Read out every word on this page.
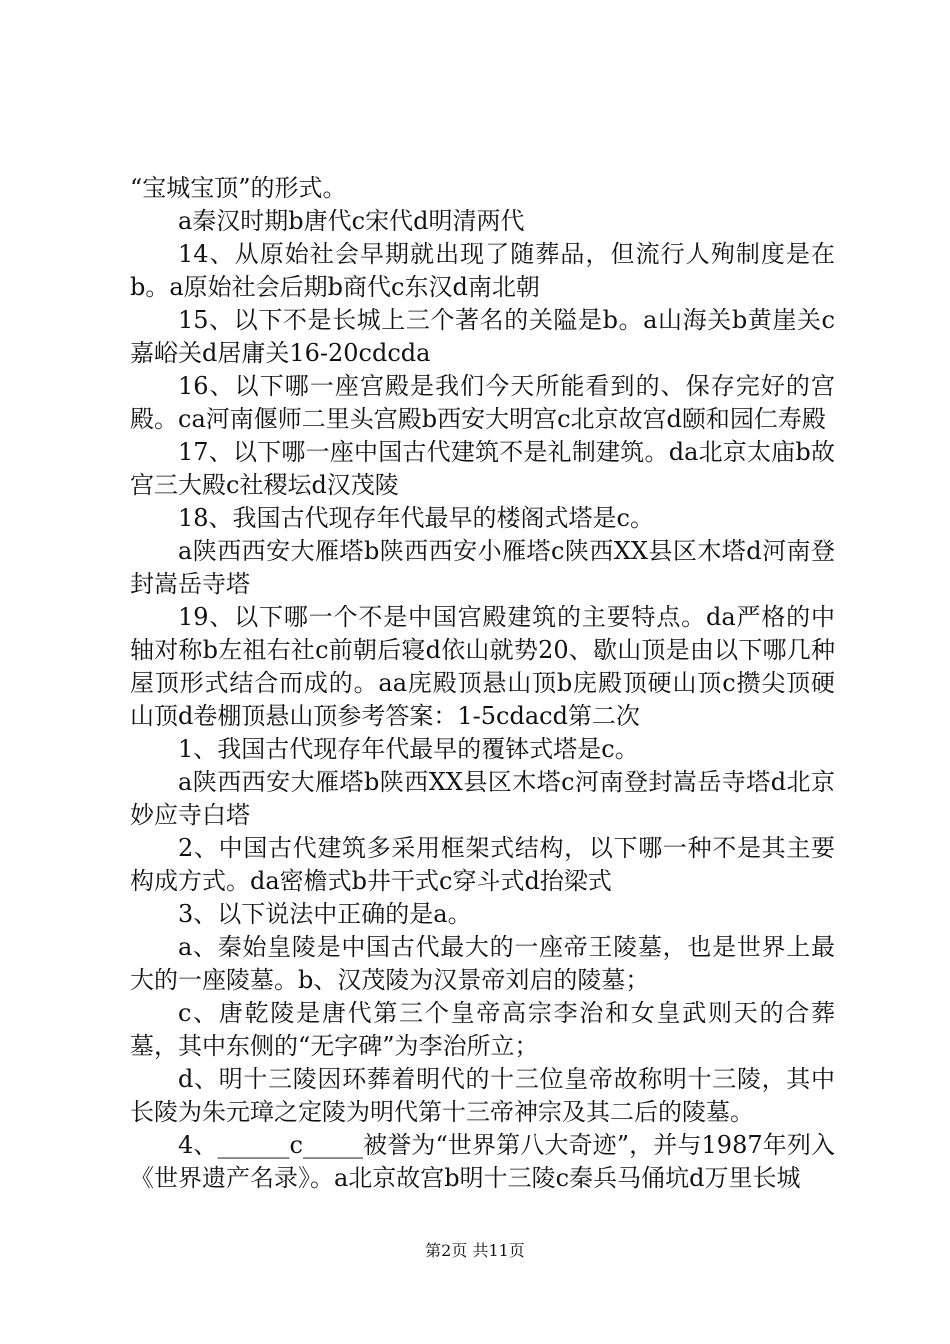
“宝城宝顶”的形式。

a秦汉时期b唐代c宋代d明清两代

14、从原始社会早期就出现了随葬品，但流行人殉制度是在b。a原始社会后期b商代c东汉d南北朝

15、以下不是长城上三个著名的关隘是b。a山海关b黄崖关c嘉峪关d居庸关16-20cdcda

16、以下哪一座宫殿是我们今天所能看到的、保存完好的宫殿。ca河南偃师二里头宫殿b西安大明宫c北京故宫d颐和园仁寿殿

17、以下哪一座中国古代建筑不是礼制建筑。da北京太庙b故宫三大殿c社稷坛d汉茂陵

18、我国古代现存年代最早的楼阁式塔是c。

a陕西西安大雁塔b陕西西安小雁塔c陕西XX县区木塔d河南登封嵩岳寺塔

19、以下哪一个不是中国宫殿建筑的主要特点。da严格的中轴对称b左祖右社c前朝后寝d依山就势20、歇山顶是由以下哪几种屋顶形式结合而成的。aa庑殿顶悬山顶b庑殿顶硬山顶c攒尖顶硬山顶d卷棚顶悬山顶参考答案：1-5cdacd第二次

1、我国古代现存年代最早的覆钵式塔是c。

a陕西西安大雁塔b陕西XX县区木塔c河南登封嵩岳寺塔d北京妙应寺白塔

2、中国古代建筑多采用框架式结构，以下哪一种不是其主要构成方式。da密檐式b井干式c穿斗式d抬梁式

3、以下说法中正确的是a。

a、秦始皇陵是中国古代最大的一座帝王陵墓，也是世界上最大的一座陵墓。b、汉茂陵为汉景帝刘启的陵墓；

c、唐乾陵是唐代第三个皇帝高宗李治和女皇武则天的合葬墓，其中东侧的“无字碑”为李治所立；

d、明十三陵因环葬着明代的十三位皇帝故称明十三陵，其中长陵为朱元璋之定陵为明代第十三帝神宗及其二后的陵墓。

4、______c_____被誉为“世界第八大奇迹”，并与1987年列入《世界遗产名录》。a北京故宫b明十三陵c秦兵马俑坑d万里长城

第2页 共11页
